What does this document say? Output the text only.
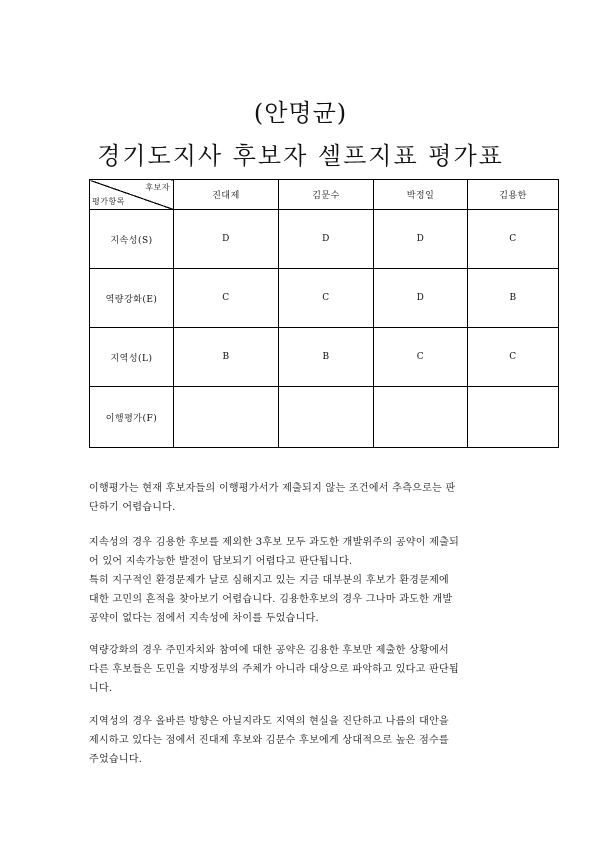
(안명균)
경기도지사 후보자 셀프지표 평가표
후보자
평가항목	진대제	김문수	박정일	김용한
지속성(S)	D	D	D	C
역량강화(E)	C	C	D	B
지역성(L)	B	B	C	C
이행평가(F)				
이행평가는 현재 후보자들의 이행평가서가 제출되지 않는 조건에서 추측으로는 판
단하기 어렵습니다.
지속성의 경우 김용한 후보를 제외한 3후보 모두 과도한 개발위주의 공약이 제출되
어 있어 지속가능한 발전이 담보되기 어렵다고 판단됩니다.
특히 지구적인 환경문제가 날로 심해지고 있는 지금 대부분의 후보가 환경문제에
대한 고민의 흔적을 찾아보기 어렵습니다. 김용한후보의 경우 그나마 과도한 개발
공약이 없다는 점에서 지속성에 차이를 두었습니다.
역량강화의 경우 주민자치와 참여에 대한 공약은 김용한 후보만 제출한 상황에서
다른 후보들은 도민을 지방정부의 주체가 아니라 대상으로 파악하고 있다고 판단됩
니다.
지역성의 경우 올바른 방향은 아닐지라도 지역의 현실을 진단하고 나름의 대안을
제시하고 있다는 점에서 진대제 후보와 김문수 후보에게 상대적으로 높은 점수를
주었습니다.
